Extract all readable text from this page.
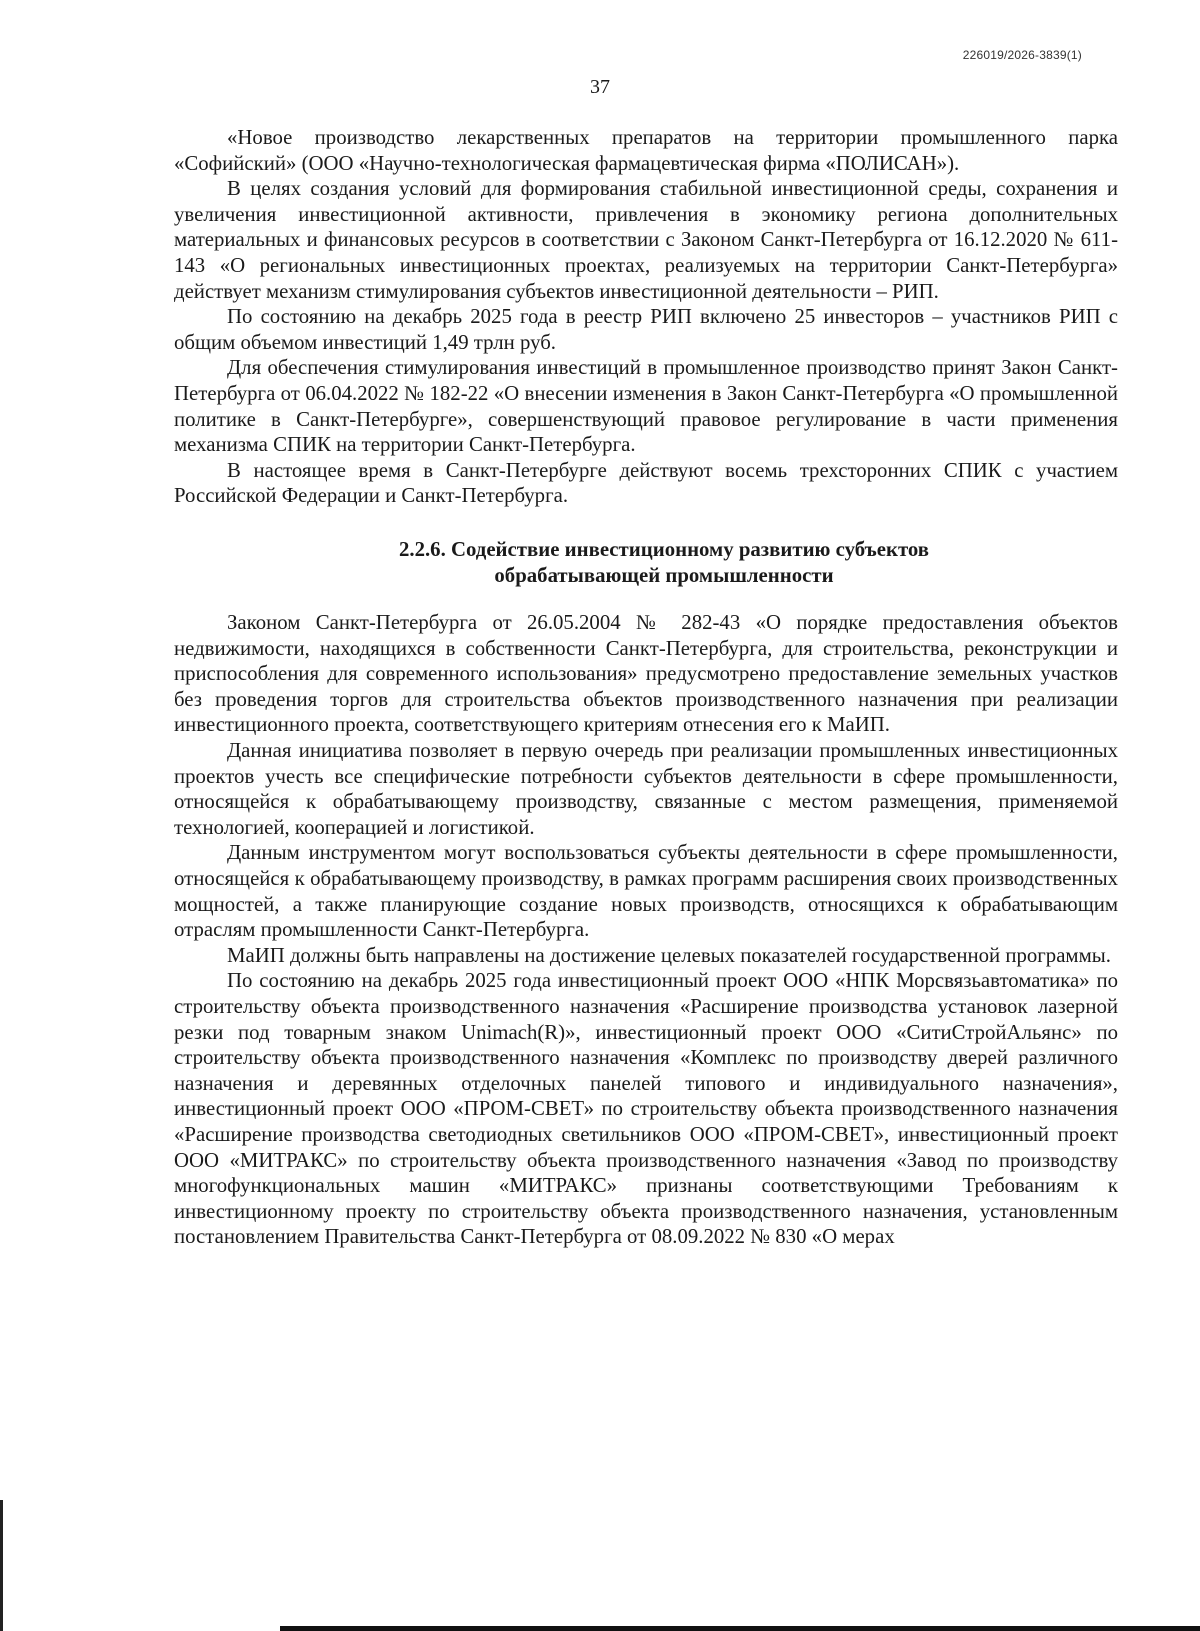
226019/2026-3839(1)
37

«Новое производство лекарственных препаратов на территории промышленного парка «Софийский» (ООО «Научно-технологическая фармацевтическая фирма «ПОЛИСАН»).

В целях создания условий для формирования стабильной инвестиционной среды, сохранения и увеличения инвестиционной активности, привлечения в экономику региона дополнительных материальных и финансовых ресурсов в соответствии с Законом Санкт-Петербурга от 16.12.2020 № 611-143 «О региональных инвестиционных проектах, реализуемых на территории Санкт-Петербурга» действует механизм стимулирования субъектов инвестиционной деятельности – РИП.

По состоянию на декабрь 2025 года в реестр РИП включено 25 инвесторов – участников РИП с общим объемом инвестиций 1,49 трлн руб.

Для обеспечения стимулирования инвестиций в промышленное производство принят Закон Санкт-Петербурга от 06.04.2022 № 182-22 «О внесении изменения в Закон Санкт-Петербурга «О промышленной политике в Санкт-Петербурге», совершенствующий правовое регулирование в части применения механизма СПИК на территории Санкт-Петербурга.

В настоящее время в Санкт-Петербурге действуют восемь трехсторонних СПИК с участием Российской Федерации и Санкт-Петербурга.

2.2.6. Содействие инвестиционному развитию субъектов
обрабатывающей промышленности

Законом Санкт-Петербурга от 26.05.2004 № 282-43 «О порядке предоставления объектов недвижимости, находящихся в собственности Санкт-Петербурга, для строительства, реконструкции и приспособления для современного использования» предусмотрено предоставление земельных участков без проведения торгов для строительства объектов производственного назначения при реализации инвестиционного проекта, соответствующего критериям отнесения его к МаИП.

Данная инициатива позволяет в первую очередь при реализации промышленных инвестиционных проектов учесть все специфические потребности субъектов деятельности в сфере промышленности, относящейся к обрабатывающему производству, связанные с местом размещения, применяемой технологией, кооперацией и логистикой.

Данным инструментом могут воспользоваться субъекты деятельности в сфере промышленности, относящейся к обрабатывающему производству, в рамках программ расширения своих производственных мощностей, а также планирующие создание новых производств, относящихся к обрабатывающим отраслям промышленности Санкт-Петербурга.

МаИП должны быть направлены на достижение целевых показателей государственной программы.

По состоянию на декабрь 2025 года инвестиционный проект ООО «НПК Морсвязьавтоматика» по строительству объекта производственного назначения «Расширение производства установок лазерной резки под товарным знаком Unimach(R)», инвестиционный проект ООО «СитиСтройАльянс» по строительству объекта производственного назначения «Комплекс по производству дверей различного назначения и деревянных отделочных панелей типового и индивидуального назначения», инвестиционный проект ООО «ПРОМ-СВЕТ» по строительству объекта производственного назначения «Расширение производства светодиодных светильников ООО «ПРОМ-СВЕТ», инвестиционный проект ООО «МИТРАКС» по строительству объекта производственного назначения «Завод по производству многофункциональных машин «МИТРАКС» признаны соответствующими Требованиям к инвестиционному проекту по строительству объекта производственного назначения, установленным постановлением Правительства Санкт-Петербурга от 08.09.2022 № 830 «О мерах
